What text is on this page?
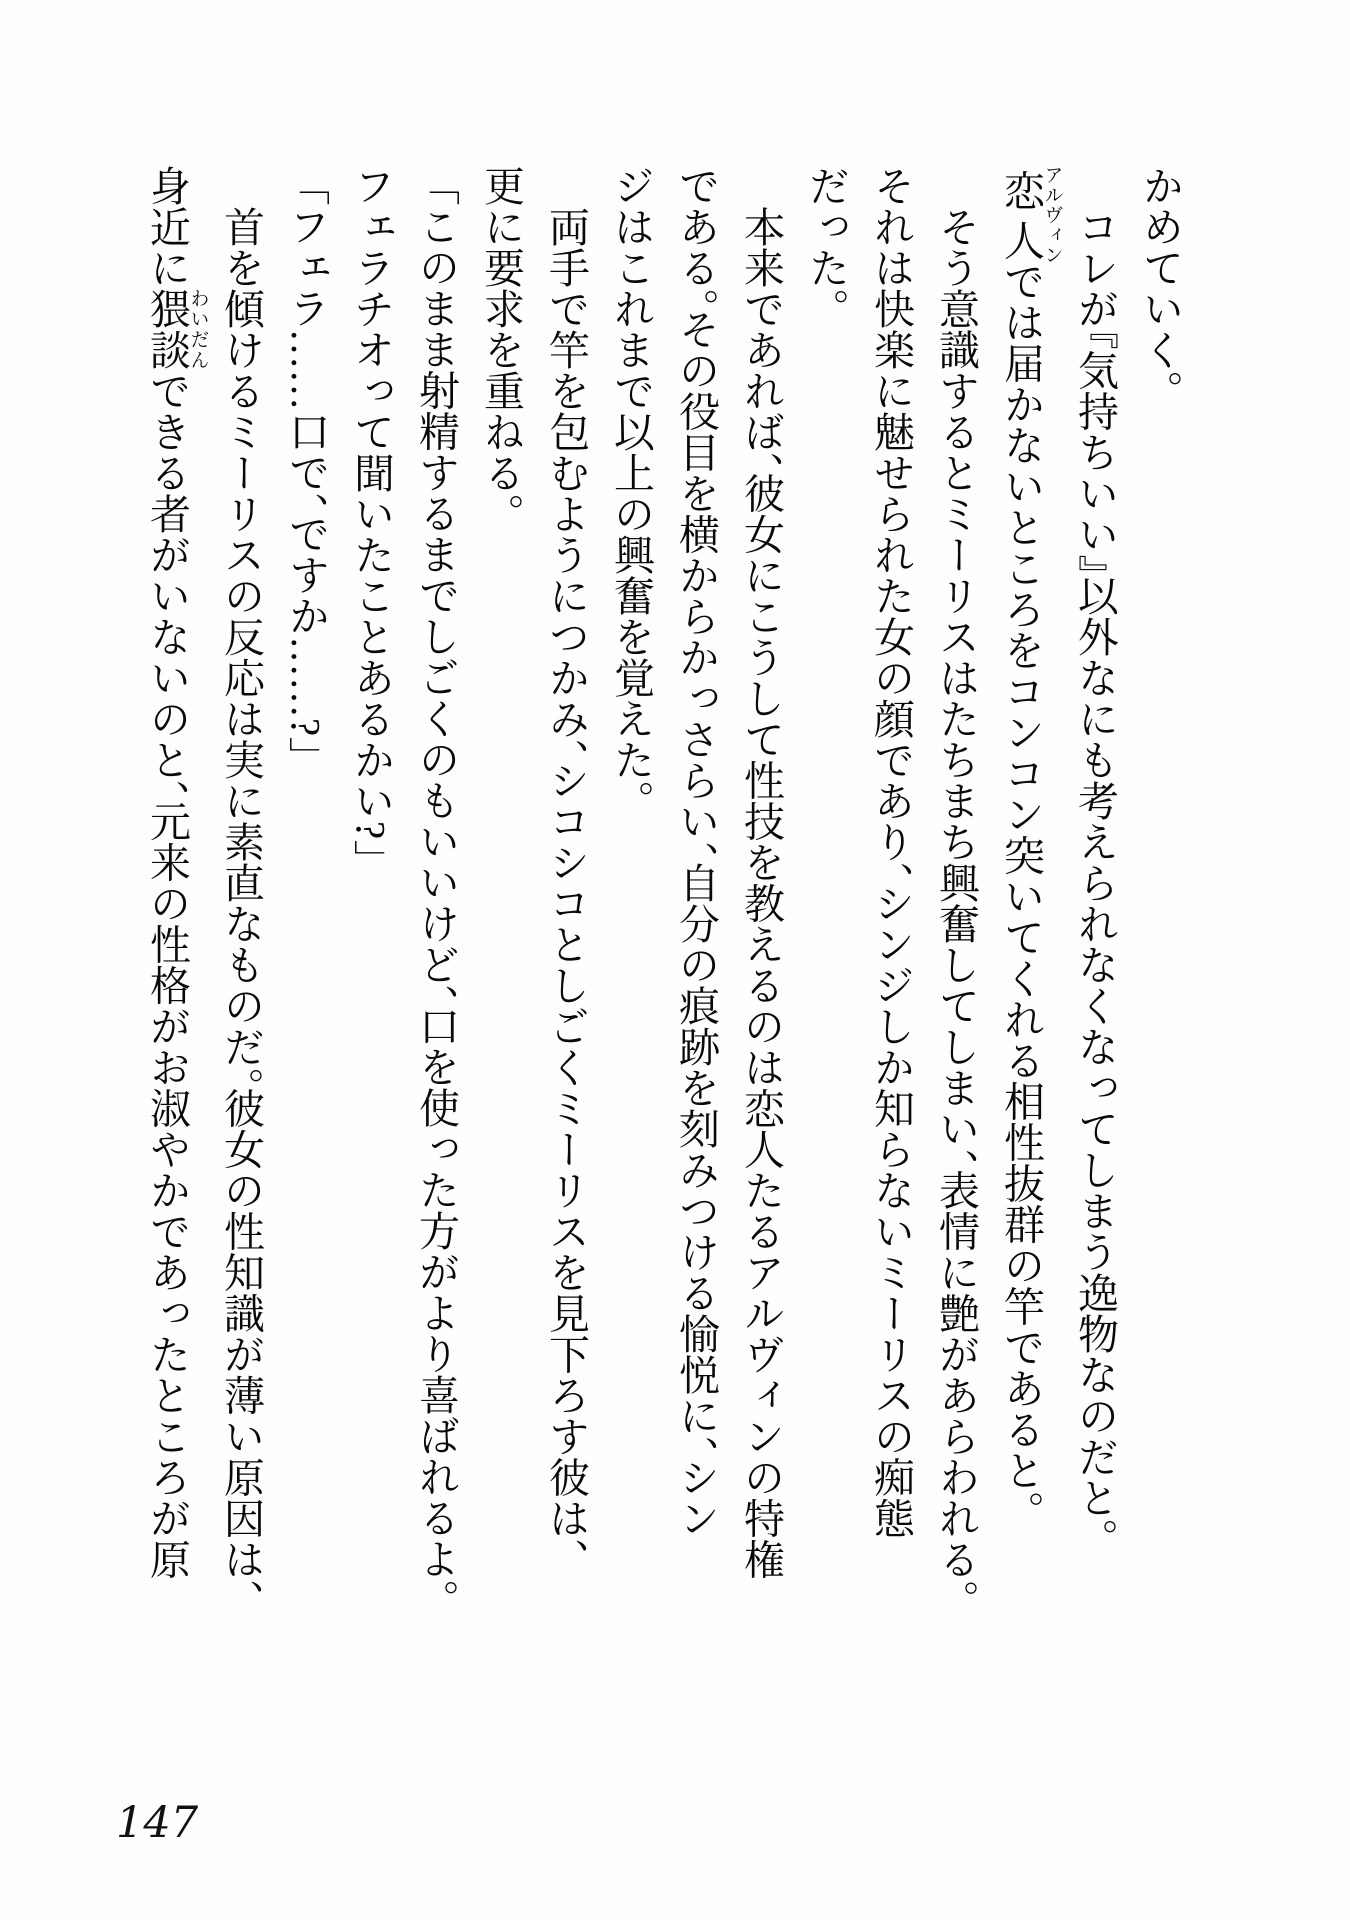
かめていく。
コレが『気持ちいい』以外なにも考えられなくなってしまう逸物なのだと。
恋人アルヴィンでは届かないところをコンコン突いてくれる相性抜群の竿であると。
そう意識するとミーリスはたちまち興奮してしまい、表情に艶があらわれる。
それは快楽に魅せられた女の顔であり、シンジしか知らないミーリスの痴態
だった。
本来であれば、彼女にこうして性技を教えるのは恋人たるアルヴィンの特権
である。その役目を横からかっさらい、自分の痕跡を刻みつける愉悦に、シン
ジはこれまで以上の興奮を覚えた。
両手で竿を包むようにつかみ、シコシコとしごくミーリスを見下ろす彼は、
更に要求を重ねる。
「このまま射精するまでしごくのもいいけど、口を使った方がより喜ばれるよ。
フェラチオって聞いたことあるかい?」
「フェラ……口で、ですか……?」
首を傾けるミーリスの反応は実に素直なものだ。彼女の性知識が薄い原因は、
身近に猥談わいだんできる者がいないのと、元来の性格がお淑やかであったところが原
147
